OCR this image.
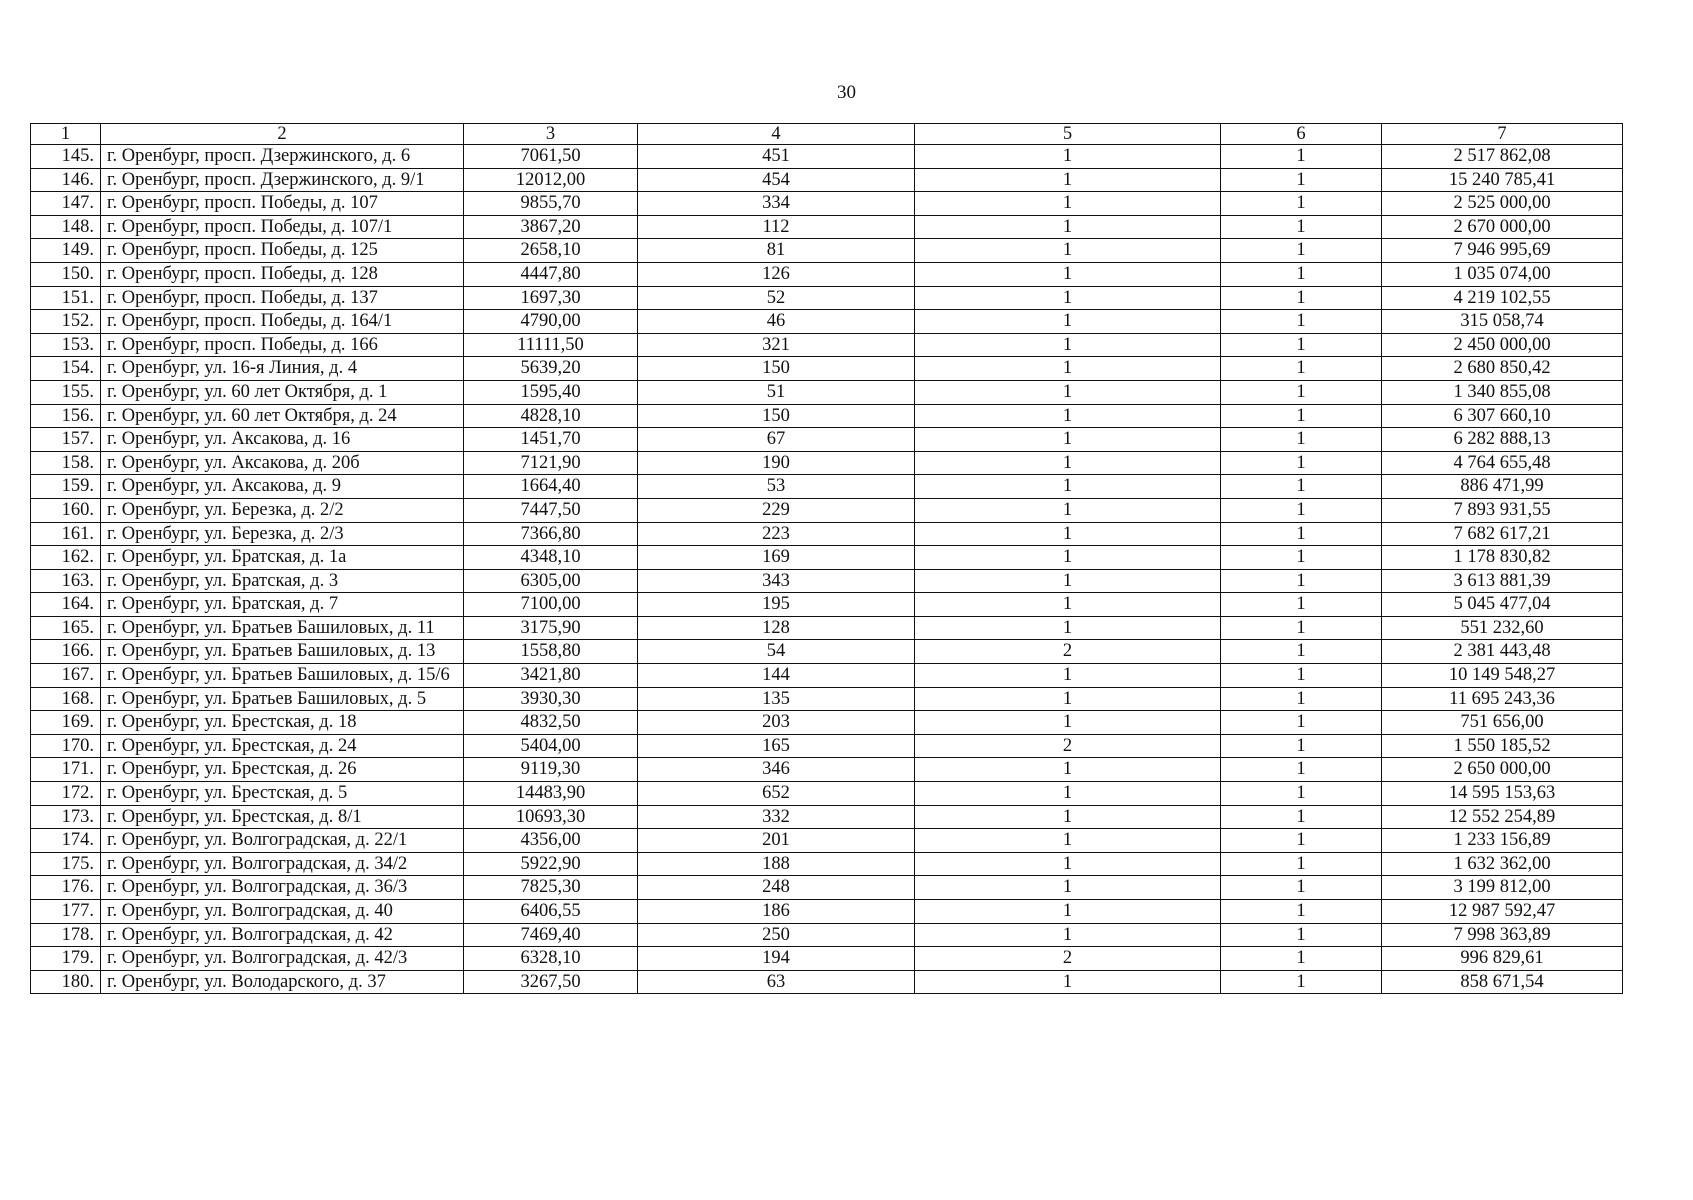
30
1	2	3	4	5	6	7
145.	г. Оренбург, просп. Дзержинского, д. 6	7061,50	451	1	1	2 517 862,08
146.	г. Оренбург, просп. Дзержинского, д. 9/1	12012,00	454	1	1	15 240 785,41
147.	г. Оренбург, просп. Победы, д. 107	9855,70	334	1	1	2 525 000,00
148.	г. Оренбург, просп. Победы, д. 107/1	3867,20	112	1	1	2 670 000,00
149.	г. Оренбург, просп. Победы, д. 125	2658,10	81	1	1	7 946 995,69
150.	г. Оренбург, просп. Победы, д. 128	4447,80	126	1	1	1 035 074,00
151.	г. Оренбург, просп. Победы, д. 137	1697,30	52	1	1	4 219 102,55
152.	г. Оренбург, просп. Победы, д. 164/1	4790,00	46	1	1	315 058,74
153.	г. Оренбург, просп. Победы, д. 166	11111,50	321	1	1	2 450 000,00
154.	г. Оренбург, ул. 16-я Линия, д. 4	5639,20	150	1	1	2 680 850,42
155.	г. Оренбург, ул. 60 лет Октября, д. 1	1595,40	51	1	1	1 340 855,08
156.	г. Оренбург, ул. 60 лет Октября, д. 24	4828,10	150	1	1	6 307 660,10
157.	г. Оренбург, ул. Аксакова, д. 16	1451,70	67	1	1	6 282 888,13
158.	г. Оренбург, ул. Аксакова, д. 20б	7121,90	190	1	1	4 764 655,48
159.	г. Оренбург, ул. Аксакова, д. 9	1664,40	53	1	1	886 471,99
160.	г. Оренбург, ул. Березка, д. 2/2	7447,50	229	1	1	7 893 931,55
161.	г. Оренбург, ул. Березка, д. 2/3	7366,80	223	1	1	7 682 617,21
162.	г. Оренбург, ул. Братская, д. 1а	4348,10	169	1	1	1 178 830,82
163.	г. Оренбург, ул. Братская, д. 3	6305,00	343	1	1	3 613 881,39
164.	г. Оренбург, ул. Братская, д. 7	7100,00	195	1	1	5 045 477,04
165.	г. Оренбург, ул. Братьев Башиловых, д. 11	3175,90	128	1	1	551 232,60
166.	г. Оренбург, ул. Братьев Башиловых, д. 13	1558,80	54	2	1	2 381 443,48
167.	г. Оренбург, ул. Братьев Башиловых, д. 15/6	3421,80	144	1	1	10 149 548,27
168.	г. Оренбург, ул. Братьев Башиловых, д. 5	3930,30	135	1	1	11 695 243,36
169.	г. Оренбург, ул. Брестская, д. 18	4832,50	203	1	1	751 656,00
170.	г. Оренбург, ул. Брестская, д. 24	5404,00	165	2	1	1 550 185,52
171.	г. Оренбург, ул. Брестская, д. 26	9119,30	346	1	1	2 650 000,00
172.	г. Оренбург, ул. Брестская, д. 5	14483,90	652	1	1	14 595 153,63
173.	г. Оренбург, ул. Брестская, д. 8/1	10693,30	332	1	1	12 552 254,89
174.	г. Оренбург, ул. Волгоградская, д. 22/1	4356,00	201	1	1	1 233 156,89
175.	г. Оренбург, ул. Волгоградская, д. 34/2	5922,90	188	1	1	1 632 362,00
176.	г. Оренбург, ул. Волгоградская, д. 36/3	7825,30	248	1	1	3 199 812,00
177.	г. Оренбург, ул. Волгоградская, д. 40	6406,55	186	1	1	12 987 592,47
178.	г. Оренбург, ул. Волгоградская, д. 42	7469,40	250	1	1	7 998 363,89
179.	г. Оренбург, ул. Волгоградская, д. 42/3	6328,10	194	2	1	996 829,61
180.	г. Оренбург, ул. Володарского, д. 37	3267,50	63	1	1	858 671,54
